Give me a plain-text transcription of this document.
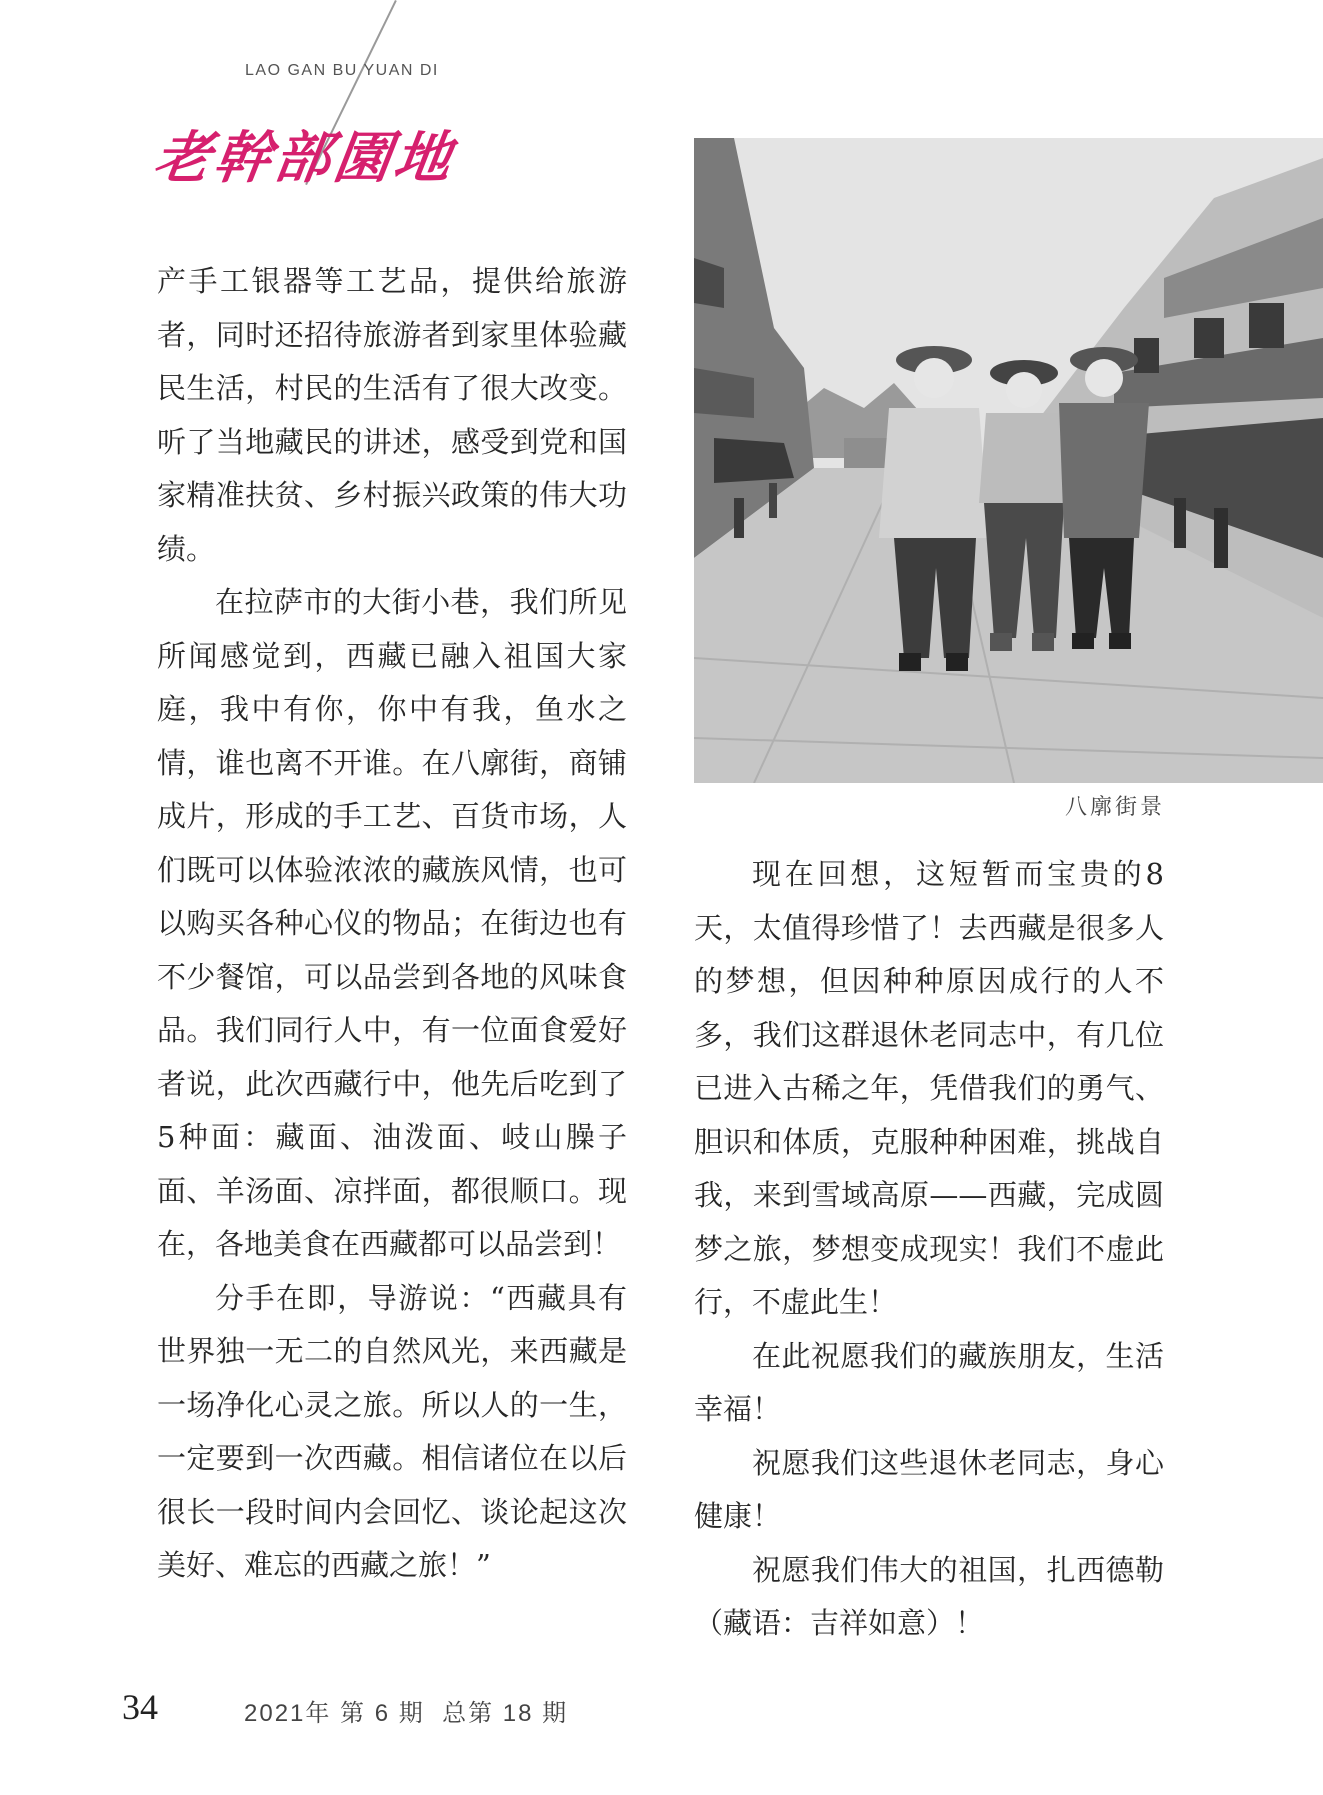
LAO GAN BU YUAN DI
老幹部園地

产手工银器等工艺品，提供给旅游者，同时还招待旅游者到家里体验藏民生活，村民的生活有了很大改变。听了当地藏民的讲述，感受到党和国家精准扶贫、乡村振兴政策的伟大功绩。

在拉萨市的大街小巷，我们所见所闻感觉到，西藏已融入祖国大家庭，我中有你，你中有我，鱼水之情，谁也离不开谁。在八廓街，商铺成片，形成的手工艺、百货市场，人们既可以体验浓浓的藏族风情，也可以购买各种心仪的物品；在街边也有不少餐馆，可以品尝到各地的风味食品。我们同行人中，有一位面食爱好者说，此次西藏行中，他先后吃到了5种面：藏面、油泼面、岐山臊子面、羊汤面、凉拌面，都很顺口。现在，各地美食在西藏都可以品尝到！

分手在即，导游说：“西藏具有世界独一无二的自然风光，来西藏是一场净化心灵之旅。所以人的一生，一定要到一次西藏。相信诸位在以后很长一段时间内会回忆、谈论起这次美好、难忘的西藏之旅！”

八廓街景

现在回想，这短暂而宝贵的8天，太值得珍惜了！去西藏是很多人的梦想，但因种种原因成行的人不多，我们这群退休老同志中，有几位已进入古稀之年，凭借我们的勇气、胆识和体质，克服种种困难，挑战自我，来到雪域高原——西藏，完成圆梦之旅，梦想变成现实！我们不虚此行，不虚此生！

在此祝愿我们的藏族朋友，生活幸福！

祝愿我们这些退休老同志，身心健康！

祝愿我们伟大的祖国，扎西德勒（藏语：吉祥如意）！

34	2021年 第 6 期  总第 18 期
